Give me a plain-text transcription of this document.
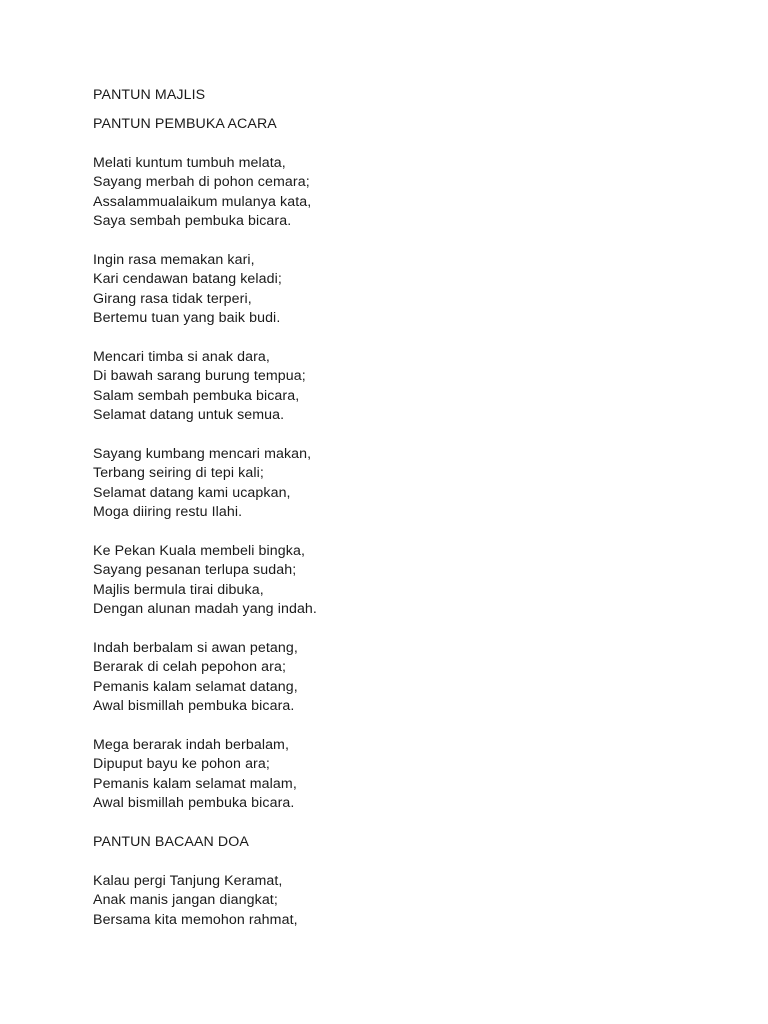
PANTUN MAJLIS
PANTUN PEMBUKA ACARA
Melati kuntum tumbuh melata,
Sayang merbah di pohon cemara;
Assalammualaikum mulanya kata,
Saya sembah pembuka bicara.
Ingin rasa memakan kari,
Kari cendawan batang keladi;
Girang rasa tidak terperi,
Bertemu tuan yang baik budi.
Mencari timba si anak dara,
Di bawah sarang burung tempua;
Salam sembah pembuka bicara,
Selamat datang untuk semua.
Sayang kumbang mencari makan,
Terbang seiring di tepi kali;
Selamat datang kami ucapkan,
Moga diiring restu Ilahi.
Ke Pekan Kuala membeli bingka,
Sayang pesanan terlupa sudah;
Majlis bermula tirai dibuka,
Dengan alunan madah yang indah.
Indah berbalam si awan petang,
Berarak di celah pepohon ara;
Pemanis kalam selamat datang,
Awal bismillah pembuka bicara.
Mega berarak indah berbalam,
Dipuput bayu ke pohon ara;
Pemanis kalam selamat malam,
Awal bismillah pembuka bicara.
PANTUN BACAAN DOA
Kalau pergi Tanjung Keramat,
Anak manis jangan diangkat;
Bersama kita memohon rahmat,
